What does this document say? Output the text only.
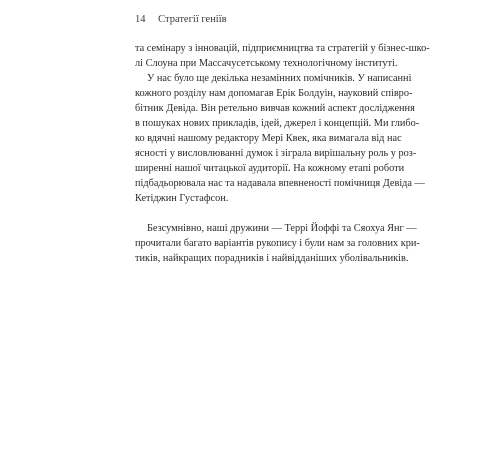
14 Стратегії геніїв

та семінару з інновацій, підприємництва та стратегій у бізнес-шко-
лі Слоуна при Массачусетському технологічному інституті.

У нас було ще декілька незамінних помічників. У написанні
кожного розділу нам допомагав Ерік Болдуін, науковий співро-
бітник Девіда. Він ретельно вивчав кожний аспект дослідження
в пошуках нових прикладів, ідей, джерел і концепцій. Ми глибо-
ко вдячні нашому редактору Мері Квек, яка вимагала від нас
ясності у висловлюванні думок і зіграла вирішальну роль у роз-
ширенні нашої читацької аудиторії. На кожному етапі роботи
підбадьорювала нас та надавала впевненості помічниця Девіда —
Кетіджин Густафсон.

Безсумнівно, наші дружини — Террі Йоффі та Сяохуа Янг —
прочитали багато варіантів рукопису і були нам за головних кри-
тиків, найкращих порадників і найвідданіших уболівальників.
